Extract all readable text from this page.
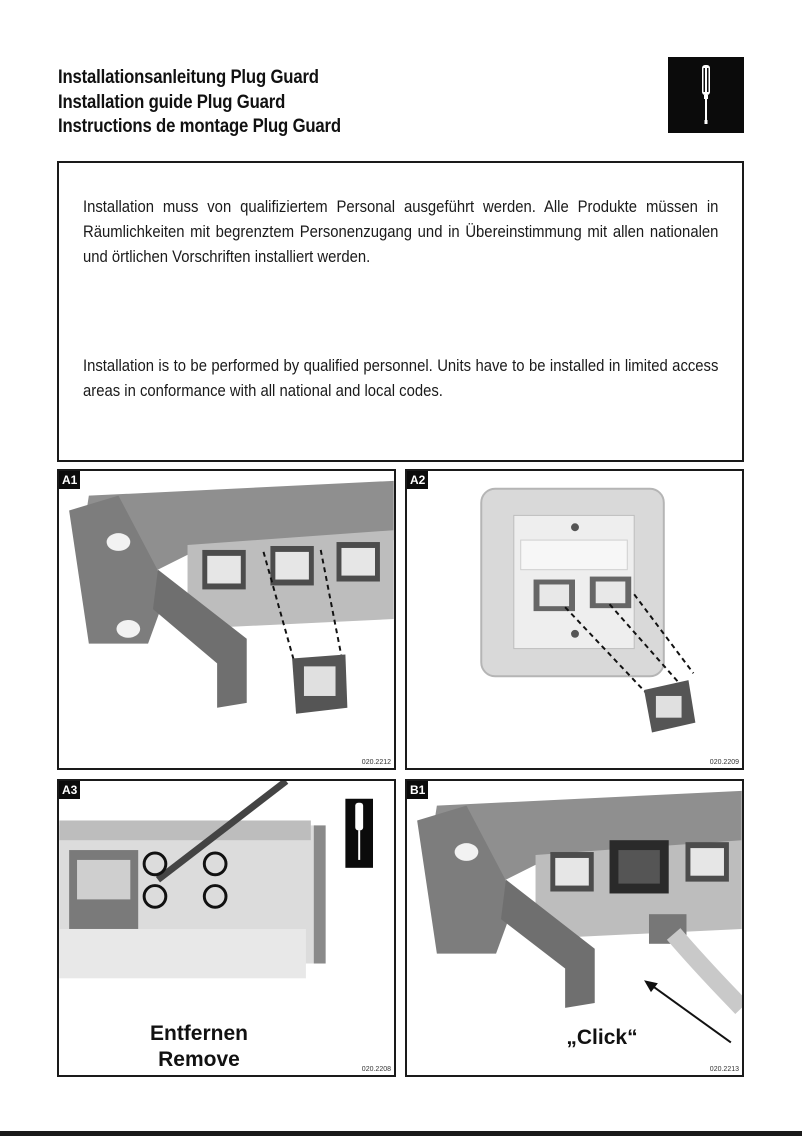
Installationsanleitung Plug Guard
Installation guide Plug Guard
Instructions de montage Plug Guard

Installation muss von qualifiziertem Personal ausgeführt werden. Alle Produkte müssen in Räumlichkeiten mit begrenztem Personenzugang und in Übereinstimmung mit allen nationalen und örtlichen Vorschriften installiert werden.

Installation is to be performed by qualified personnel. Units have to be installed in limited access areas in conformance with all national and local codes.

A1
020.2212
A2
020.2209
A3
Entfernen
Remove	020.2208
B1
„Click“
020.2213
